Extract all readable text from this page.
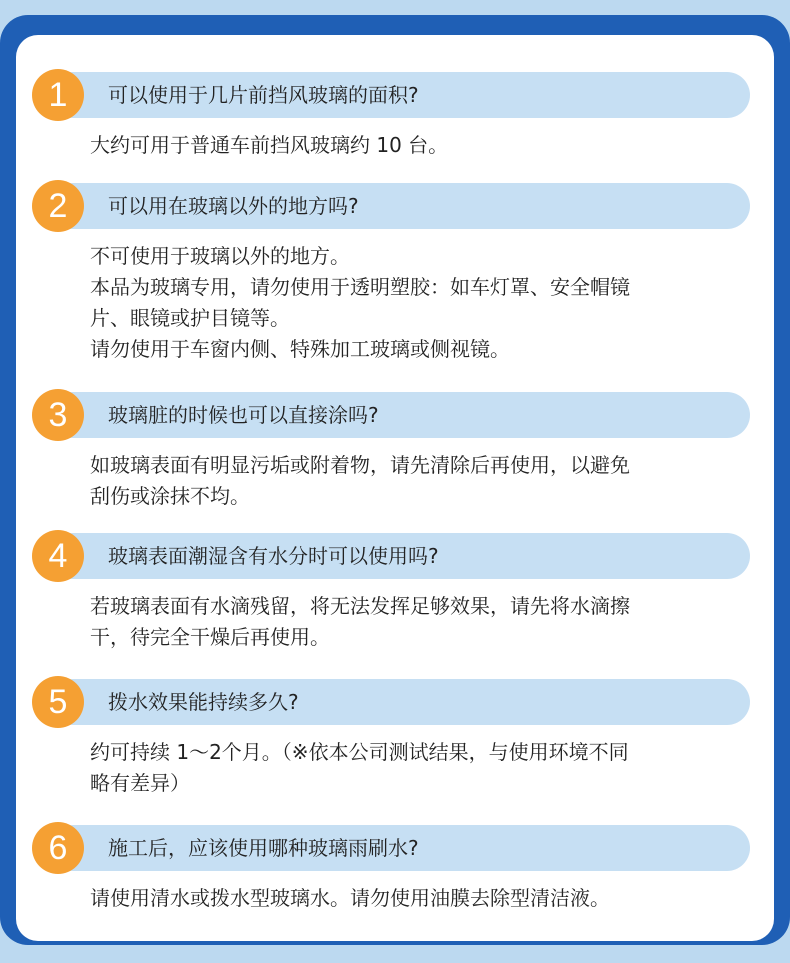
可以使用于几片前挡风玻璃的面积?
1
大约可用于普通车前挡风玻璃约 10 台。
可以用在玻璃以外的地方吗?
2
不可使用于玻璃以外的地方。
本品为玻璃专用，请勿使用于透明塑胶：如车灯罩、安全帽镜
片、眼镜或护目镜等。
请勿使用于车窗内侧、特殊加工玻璃或侧视镜。
玻璃脏的时候也可以直接涂吗?
3
如玻璃表面有明显污垢或附着物，请先清除后再使用，以避免
刮伤或涂抹不均。
玻璃表面潮湿含有水分时可以使用吗?
4
若玻璃表面有水滴残留，将无法发挥足够效果，请先将水滴擦
干，待完全干燥后再使用。
拨水效果能持续多久?
5
约可持续 1～2个月。（※依本公司测试结果，与使用环境不同
略有差异）
施工后，应该使用哪种玻璃雨刷水?
6
请使用清水或拨水型玻璃水。请勿使用油膜去除型清洁液。
